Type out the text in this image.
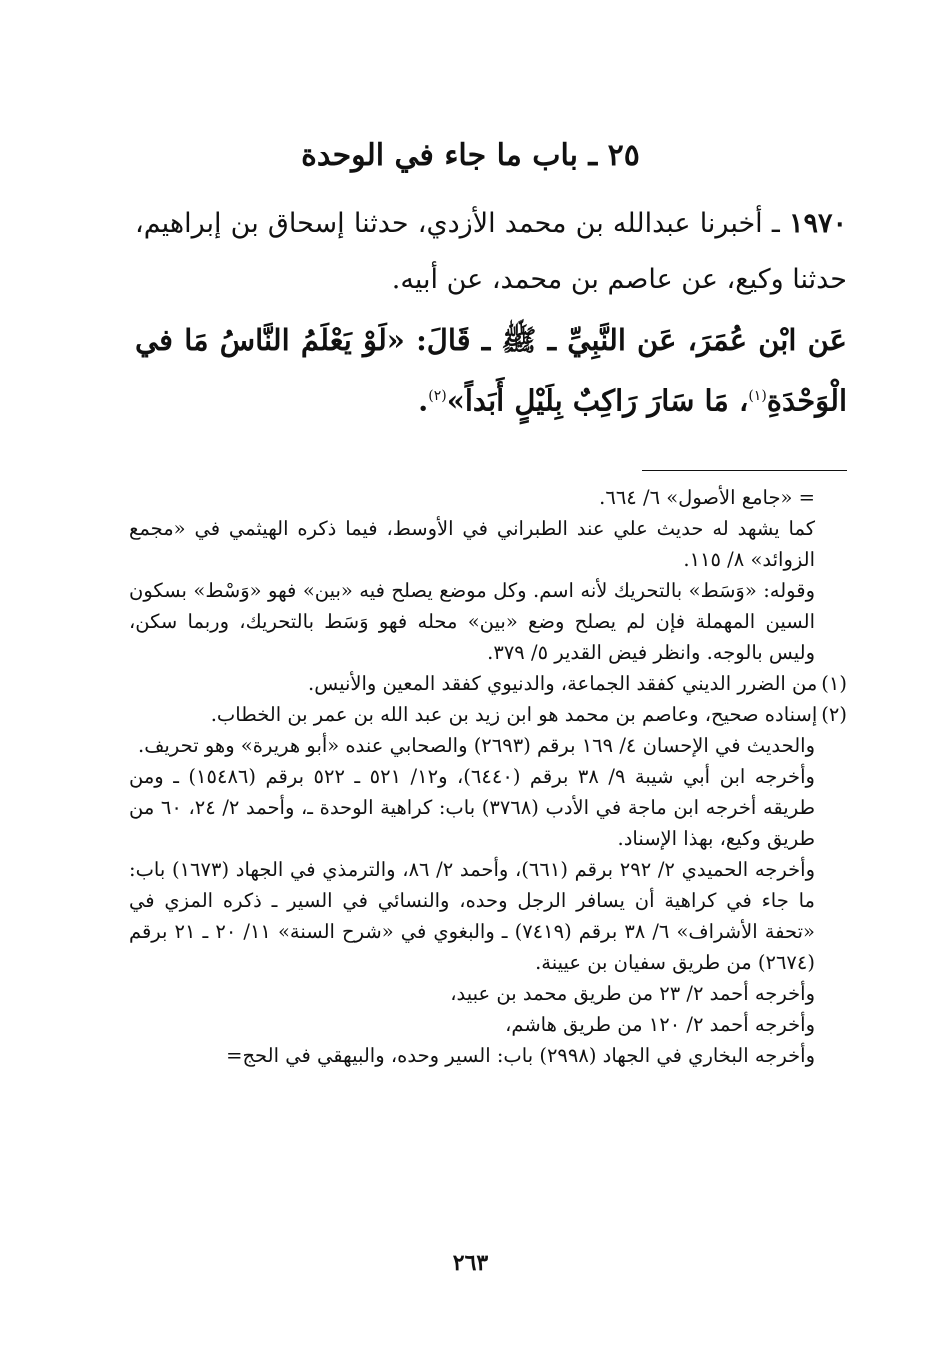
٢٥ ـ باب ما جاء في الوحدة

١٩٧٠ ـ أخبرنا عبدالله بن محمد الأزدي، حدثنا إسحاق بن إبراهيم، حدثنا وكيع، عن عاصم بن محمد، عن أبيه.

عَن ابْن عُمَرَ، عَن النَّبِيِّ ـ ﷺ ـ قَالَ: «لَوْ يَعْلَمُ النَّاسُ مَا في الْوَحْدَةِ$^{(١)}$، مَا سَارَ رَاكِبٌ بِلَيْلٍ أَبَداً»$^{(٢)}$.

= «جامع الأصول» ٦/ ٦٦٤.

كما يشهد له حديث علي عند الطبراني في الأوسط، فيما ذكره الهيثمي في «مجمع الزوائد» ٨/ ١١٥.

وقوله: «وَسَط» بالتحريك لأنه اسم. وكل موضع يصلح فيه «بين» فهو «وَسْط» بسكون السين المهملة فإن لم يصلح وضع «بين» محله فهو وَسَط بالتحريك، وربما سكن، وليس بالوجه. وانظر فيض القدير ٥/ ٣٧٩.

(١)من الضرر الديني كفقد الجماعة، والدنيوي كفقد المعين والأنيس.

(٢)إسناده صحيح، وعاصم بن محمد هو ابن زيد بن عبد الله بن عمر بن الخطاب.

والحديث في الإحسان ٤/ ١٦٩ برقم (٢٦٩٣) والصحابي عنده «أبو هريرة» وهو تحريف.

وأخرجه ابن أبي شيبة ٩/ ٣٨ برقم (٦٤٤٠)، و١٢/ ٥٢١ ـ ٥٢٢ برقم (١٥٤٨٦) ـ ومن طريقه أخرجه ابن ماجة في الأدب (٣٧٦٨) باب: كراهية الوحدة ـ، وأحمد ٢/ ٢٤، ٦٠ من طريق وكيع، بهذا الإسناد.

وأخرجه الحميدي ٢/ ٢٩٢ برقم (٦٦١)، وأحمد ٢/ ٨٦، والترمذي في الجهاد (١٦٧٣) باب: ما جاء في كراهية أن يسافر الرجل وحده، والنسائي في السير ـ ذكره المزي في «تحفة الأشراف» ٦/ ٣٨ برقم (٧٤١٩) ـ والبغوي في «شرح السنة» ١١/ ٢٠ ـ ٢١ برقم (٢٦٧٤) من طريق سفيان بن عيينة.

وأخرجه أحمد ٢/ ٢٣ من طريق محمد بن عبيد،

وأخرجه أحمد ٢/ ١٢٠ من طريق هاشم،

وأخرجه البخاري في الجهاد (٢٩٩٨) باب: السير وحده، والبيهقي في الحج=

٢٦٣
